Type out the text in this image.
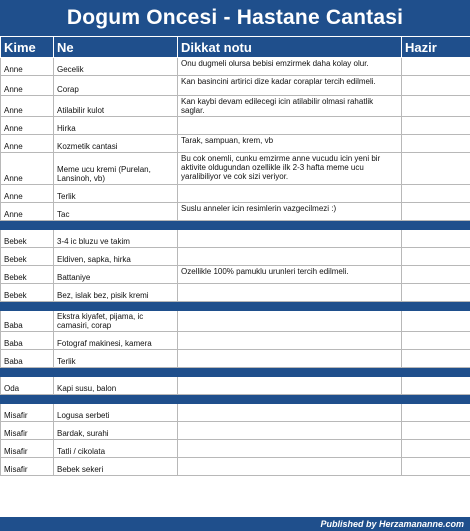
Dogum Oncesi - Hastane Cantasi
Kime	Ne	Dikkat notu	Hazir
Anne	Gecelik	Onu dugmeli olursa bebisi emzirmek daha kolay olur.	
Anne	Corap	Kan basincini artirici dize kadar coraplar tercih edilmeli.	
Anne	Atilabilir kulot	Kan kaybi devam edilecegi icin atilabilir olmasi rahatlik saglar.	
Anne	Hirka		
Anne	Kozmetik cantasi	Tarak, sampuan, krem, vb	
Anne	Meme ucu kremi (Purelan, Lansinoh, vb)	Bu cok onemli, cunku emzirme anne vucudu icin yeni bir aktivite oldugundan ozellikle ilk 2-3 hafta meme ucu yaralibiliyor ve cok sizi veriyor.	
Anne	Terlik		
Anne	Tac	Suslu anneler icin resimlerin vazgecilmezi :)	

Bebek	3-4 ic bluzu ve takim		
Bebek	Eldiven, sapka, hirka		
Bebek	Battaniye	Ozellikle 100% pamuklu urunleri tercih edilmeli.	
Bebek	Bez, islak bez, pisik kremi		

Baba	Ekstra kiyafet, pijama, ic camasiri, corap		
Baba	Fotograf makinesi, kamera		
Baba	Terlik		

Oda	Kapi susu, balon		

Misafir	Logusa serbeti		
Misafir	Bardak, surahi		
Misafir	Tatli / cikolata		
Misafir	Bebek sekeri		
Published by Herzamananne.com
